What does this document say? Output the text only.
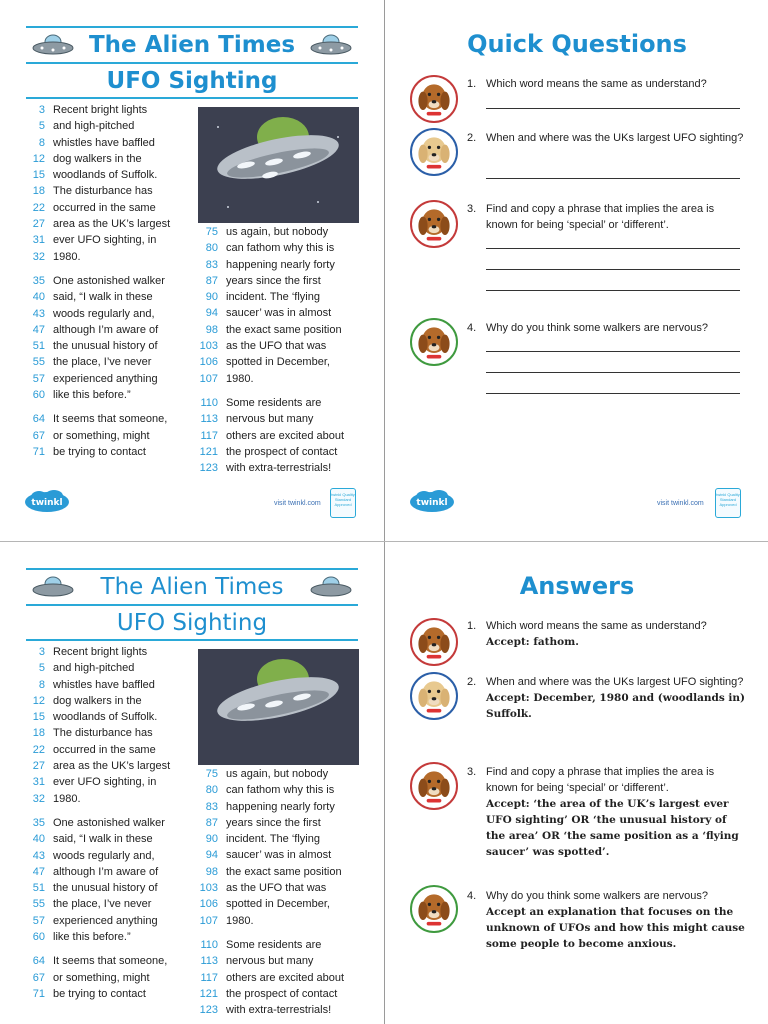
The Alien Times
UFO Sighting
3 Recent bright lights
5 and high-pitched
8 whistles have baffled
12 dog walkers in the
15 woodlands of Suffolk.
18 The disturbance has
22 occurred in the same
27 area as the UK’s largest
31 ever UFO sighting, in
32 1980.
35 One astonished walker
40 said, “I walk in these
43 woods regularly and,
47 although I’m aware of
51 the unusual history of
55 the place, I’ve never
57 experienced anything
60 like this before.”
64 It seems that someone,
67 or something, might
71 be trying to contact
75 us again, but nobody
80 can fathom why this is
83 happening nearly forty
87 years since the first
90 incident. The ‘flying
94 saucer’ was in almost
98 the exact same position
103 as the UFO that was
106 spotted in December,
107 1980.
110 Some residents are
113 nervous but many
117 others are excited about
121 the prospect of contact
123 with extra-terrestrials!
twinkl	visit twinkl.com
twinkl Quality Standard Approved
Quick Questions
1. Which word means the same as understand?
2. When and where was the UKs largest UFO sighting?
3. Find and copy a phrase that implies the area is known for being ‘special’ or ‘different’.
4. Why do you think some walkers are nervous?
twinkl	visit twinkl.com
twinkl Quality Standard Approved
The Alien Times
UFO Sighting
3 Recent bright lights
5 and high-pitched
8 whistles have baffled
12 dog walkers in the
15 woodlands of Suffolk.
18 The disturbance has
22 occurred in the same
27 area as the UK’s largest
31 ever UFO sighting, in
32 1980.
35 One astonished walker
40 said, “I walk in these
43 woods regularly and,
47 although I’m aware of
51 the unusual history of
55 the place, I’ve never
57 experienced anything
60 like this before.”
64 It seems that someone,
67 or something, might
71 be trying to contact
75 us again, but nobody
80 can fathom why this is
83 happening nearly forty
87 years since the first
90 incident. The ‘flying
94 saucer’ was in almost
98 the exact same position
103 as the UFO that was
106 spotted in December,
107 1980.
110 Some residents are
113 nervous but many
117 others are excited about
121 the prospect of contact
123 with extra-terrestrials!
Answers
1. Which word means the same as understand?
Accept: fathom.
2. When and where was the UKs largest UFO sighting?
Accept: December, 1980 and (woodlands in) Suffolk.
3. Find and copy a phrase that implies the area is known for being ‘special’ or ‘different’.
Accept: ‘the area of the UK’s largest ever UFO sighting’ OR ‘the unusual history of the area’ OR ‘the same position as a ‘flying saucer’ was spotted’.
4. Why do you think some walkers are nervous?
Accept an explanation that focuses on the unknown of UFOs and how this might cause some people to become anxious.
